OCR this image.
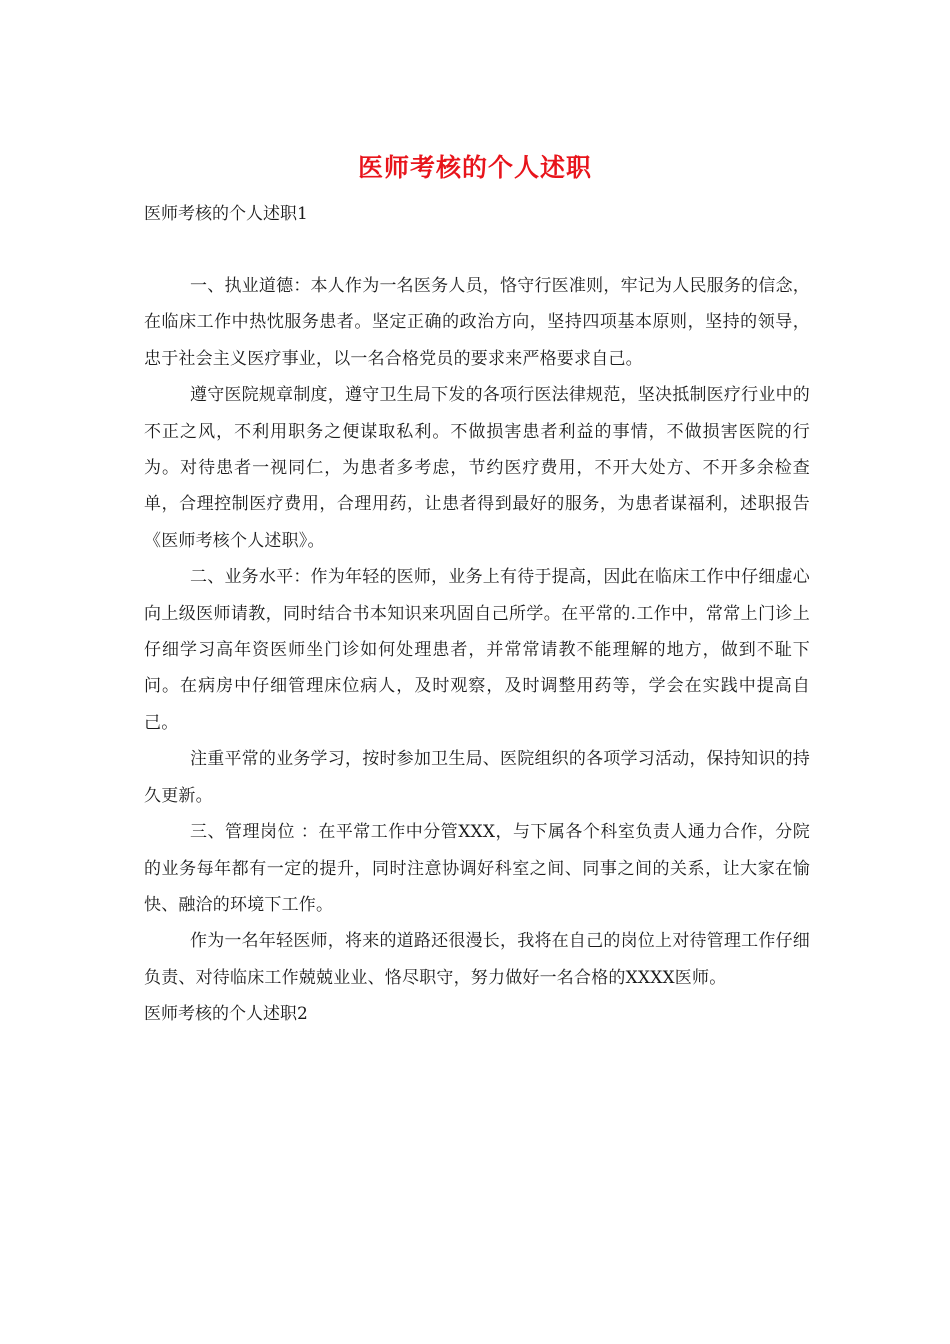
医师考核的个人述职

医师考核的个人述职1

一、执业道德：本人作为一名医务人员，恪守行医准则，牢记为人民服务的信念，在临床工作中热忱服务患者。坚定正确的政治方向，坚持四项基本原则，坚持的领导，忠于社会主义医疗事业，以一名合格党员的要求来严格要求自己。

遵守医院规章制度，遵守卫生局下发的各项行医法律规范，坚决抵制医疗行业中的不正之风，不利用职务之便谋取私利。不做损害患者利益的事情，不做损害医院的行为。对待患者一视同仁，为患者多考虑，节约医疗费用，不开大处方、不开多余检查单，合理控制医疗费用，合理用药，让患者得到最好的服务，为患者谋福利，述职报告《医师考核个人述职》。

二、业务水平：作为年轻的医师，业务上有待于提高，因此在临床工作中仔细虚心向上级医师请教，同时结合书本知识来巩固自己所学。在平常的.工作中，常常上门诊上仔细学习高年资医师坐门诊如何处理患者，并常常请教不能理解的地方，做到不耻下问。在病房中仔细管理床位病人，及时观察，及时调整用药等，学会在实践中提高自己。

注重平常的业务学习，按时参加卫生局、医院组织的各项学习活动，保持知识的持久更新。

三、管理岗位 ：在平常工作中分管XXX，与下属各个科室负责人通力合作，分院的业务每年都有一定的提升，同时注意协调好科室之间、同事之间的关系，让大家在愉快、融洽的环境下工作。

作为一名年轻医师，将来的道路还很漫长，我将在自己的岗位上对待管理工作仔细负责、对待临床工作兢兢业业、恪尽职守，努力做好一名合格的XXXX医师。

医师考核的个人述职2
